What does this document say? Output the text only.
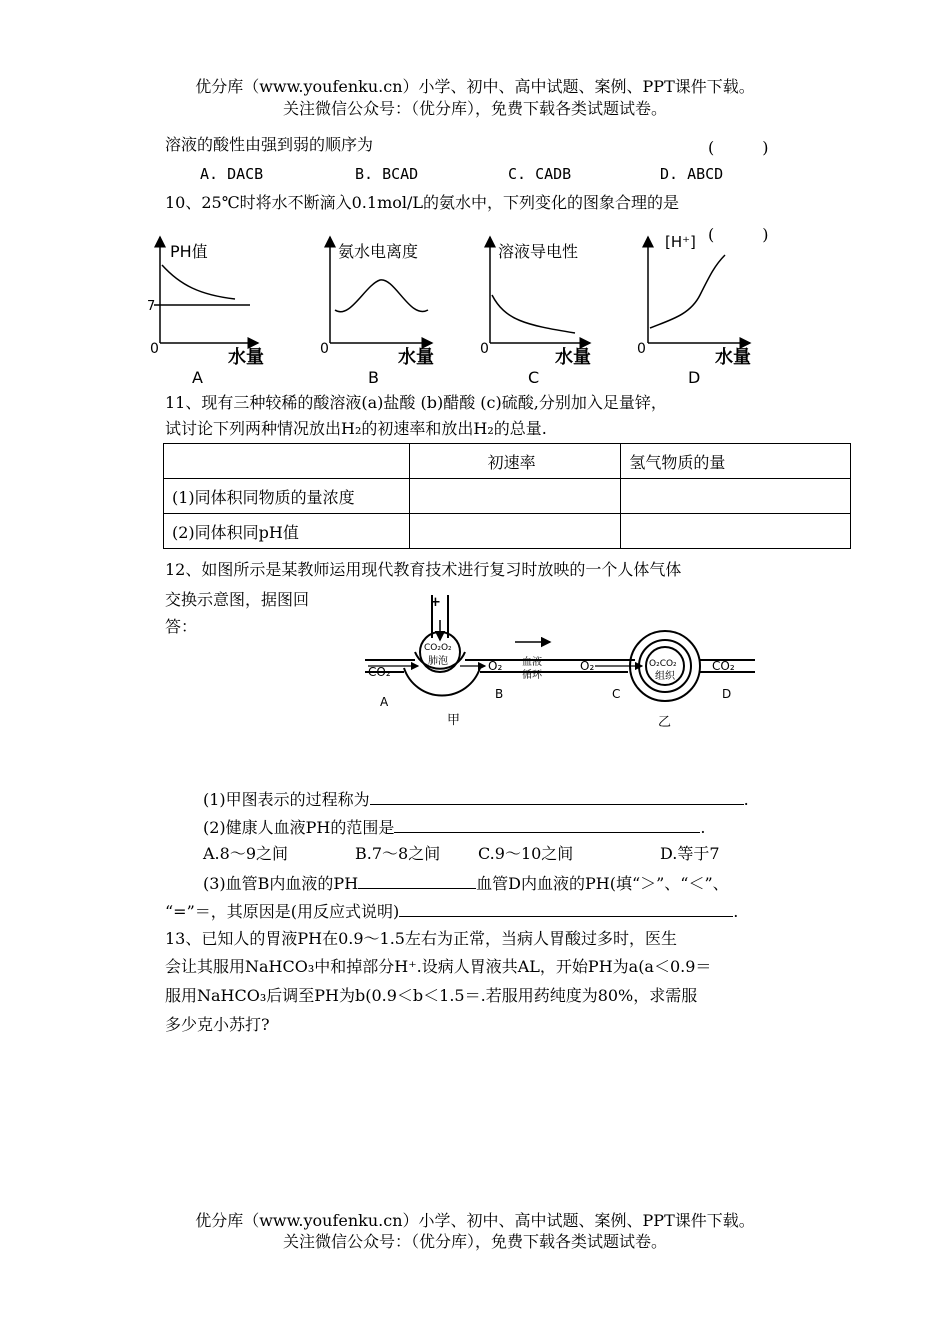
优分库（www.youfenku.cn）小学、初中、高中试题、案例、PPT课件下载。
关注微信公众号：（优分库），免费下载各类试题试卷。
溶液的酸性由强到弱的顺序为	(　　　)
A. DACB	B. BCAD	C. CADB	D. ABCD
10、25℃时将水不断滴入0.1mol/L的氨水中，下列变化的图象合理的是
(　　　)
PH值
7
0	水量
A
氨水电离度
0	水量
B
溶液导电性
0	水量
C
[H⁺]
0	水量
D
11、现有三种较稀的酸溶液(a)盐酸 (b)醋酸 (c)硫酸,分别加入足量锌，
试讨论下列两种情况放出H₂的初速率和放出H₂的总量.
	初速率	氢气物质的量
(1)同体积同物质的量浓度		
(2)同体积同pH值		
12、如图所示是某教师运用现代教育技术进行复习时放映的一个人体气体
交换示意图，据图回
答：
+
CO₂O₂
肺泡	O₂CO₂
组织
CO₂	O₂ 血液
循环
O₂	CO₂
A
B	C	D
甲	乙
(1)甲图表示的过程称为	.
(2)健康人血液PH的范围是	.
A.8～9之间	B.7～8之间 C.9～10之间	D.等于7
(3)血管B内血液的PH	血管D内血液的PH(填“＞”、“＜”、
“=”＝，其原因是(用反应式说明)	.
13、已知人的胃液PH在0.9～1.5左右为正常，当病人胃酸过多时，医生
会让其服用NaHCO₃中和掉部分H⁺.设病人胃液共AL，开始PH为a(a＜0.9＝
服用NaHCO₃后调至PH为b(0.9＜b＜1.5＝.若服用药纯度为80%，求需服
多少克小苏打?
优分库（www.youfenku.cn）小学、初中、高中试题、案例、PPT课件下载。
关注微信公众号：（优分库），免费下载各类试题试卷。
